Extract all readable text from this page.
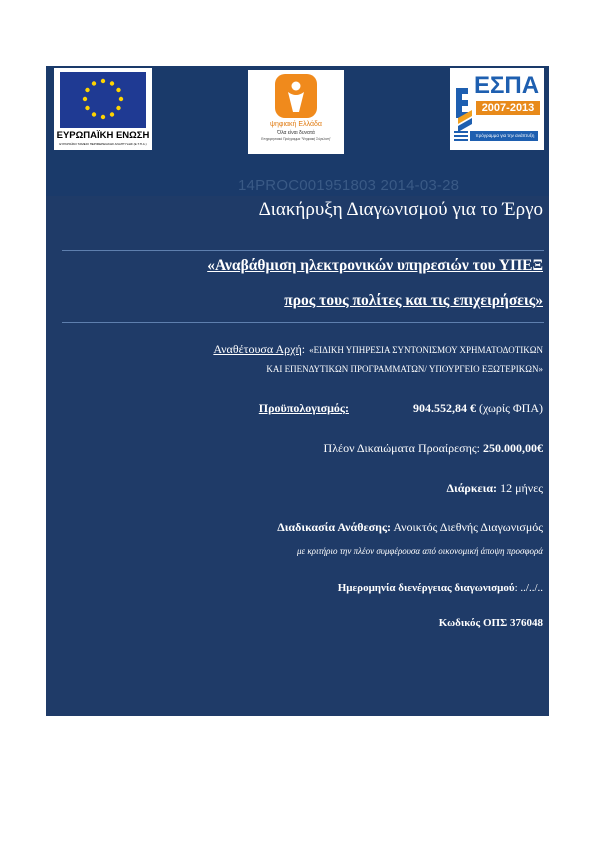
ΕΥΡΩΠΑΪΚΗ ΕΝΩΣΗ
ΕΥΡΩΠΑΪΚΟ ΤΑΜΕΙΟ ΠΕΡΙΦΕΡΕΙΑΚΗΣ ΑΝΑΠΤΥΞΗΣ (Ε.Τ.Π.Α.)
ψηφιακή Ελλάδα
Όλα είναι δυνατά
Επιχειρησιακό Πρόγραμμα "Ψηφιακή Σύγκλιση"
ΕΣΠΑ
2007-2013
πρόγραμμα για την ανάπτυξη
14PROC001951803 2014-03-28
Διακήρυξη Διαγωνισμού για το Έργο
«Αναβάθμιση ηλεκτρονικών υπηρεσιών του ΥΠΕΞ
προς τους πολίτες και τις επιχειρήσεις»
Αναθέτουσα Αρχή: «ΕΙΔΙΚΗ ΥΠΗΡΕΣΙΑ ΣΥΝΤΟΝΙΣΜΟΥ ΧΡΗΜΑΤΟΔΟΤΙΚΩΝ
ΚΑΙ ΕΠΕΝΔΥΤΙΚΩΝ ΠΡΟΓΡΑΜΜΑΤΩΝ/ ΥΠΟΥΡΓΕΙΟ ΕΞΩΤΕΡΙΚΩΝ»
Προϋπολογισμός:	904.552,84 € (χωρίς ΦΠΑ)
Πλέον Δικαιώματα Προαίρεσης: 250.000,00€
Διάρκεια: 12 μήνες
Διαδικασία Ανάθεσης: Ανοικτός Διεθνής Διαγωνισμός
με κριτήριο την πλέον συμφέρουσα από οικονομική άποψη προσφορά
Ημερομηνία διενέργειας διαγωνισμού: ../../..
Κωδικός ΟΠΣ 376048
